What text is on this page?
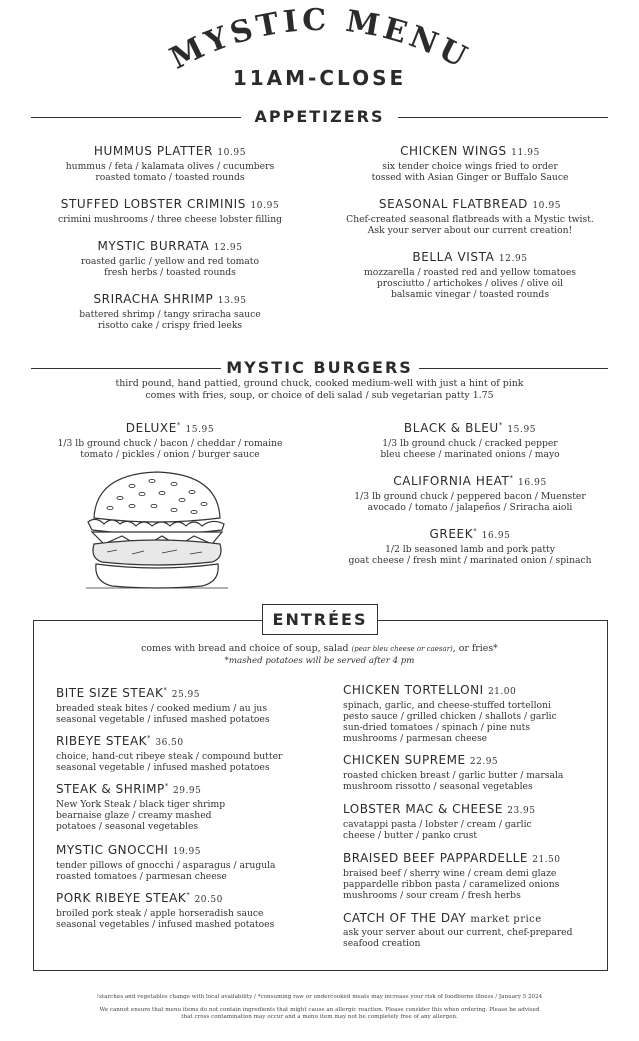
MYSTIC MENU
11AM-CLOSE
APPETIZERS
HUMMUS PLATTER 10.95
hummus / feta / kalamata olives / cucumbers
roasted tomato / toasted rounds
STUFFED LOBSTER CRIMINIS 10.95
crimini mushrooms / three cheese lobster filling
MYSTIC BURRATA 12.95
roasted garlic / yellow and red tomato
fresh herbs / toasted rounds
SRIRACHA SHRIMP 13.95
battered shrimp / tangy sriracha sauce
risotto cake / crispy fried leeks
CHICKEN WINGS 11.95
six tender choice wings fried to order
tossed with Asian Ginger or Buffalo Sauce
SEASONAL FLATBREAD 10.95
Chef-created seasonal flatbreads with a Mystic twist.
Ask your server about our current creation!
BELLA VISTA 12.95
mozzarella / roasted red and yellow tomatoes
prosciutto / artichokes / olives / olive oil
balsamic vinegar / toasted rounds
MYSTIC BURGERS
third pound, hand pattied, ground chuck, cooked medium-well with just a hint of pink
comes with fries, soup, or choice of deli salad / sub vegetarian patty 1.75
DELUXE* 15.95
1/3 lb ground chuck / bacon / cheddar / romaine
tomato / pickles / onion / burger sauce
BLACK & BLEU* 15.95
1/3 lb ground chuck / cracked pepper
bleu cheese / marinated onions / mayo
CALIFORNIA HEAT* 16.95
1/3 lb ground chuck / peppered bacon / Muenster
avocado / tomato / jalapeños / Sriracha aioli
GREEK* 16.95
1/2 lb seasoned lamb and pork patty
goat cheese / fresh mint / marinated onion / spinach
ENTRÉES
comes with bread and choice of soup, salad (pear bleu cheese or caesar), or fries*
*mashed potatoes will be served after 4 pm
BITE SIZE STEAK* 25.95
breaded steak bites / cooked medium / au jus
seasonal vegetable / infused mashed potatoes
RIBEYE STEAK* 36.50
choice, hand-cut ribeye steak / compound butter
seasonal vegetable / infused mashed potatoes
STEAK & SHRIMP* 29.95
New York Steak / black tiger shrimp
bearnaise glaze / creamy mashed
potatoes / seasonal vegetables
MYSTIC GNOCCHI 19.95
tender pillows of gnocchi / asparagus / arugula
roasted tomatoes / parmesan cheese
PORK RIBEYE STEAK* 20.50
broiled pork steak / apple horseradish sauce
seasonal vegetables / infused mashed potatoes
CHICKEN TORTELLONI 21.00
spinach, garlic, and cheese-stuffed tortelloni
pesto sauce / grilled chicken / shallots / garlic
sun-dried tomatoes / spinach / pine nuts
mushrooms / parmesan cheese
CHICKEN SUPREME 22.95
roasted chicken breast / garlic butter / marsala
mushroom rissotto / seasonal vegetables
LOBSTER MAC & CHEESE 23.95
cavatappi pasta / lobster / cream / garlic
cheese / butter / panko crust
BRAISED BEEF PAPPARDELLE 21.50
braised beef / sherry wine / cream demi glaze
pappardelle ribbon pasta / caramelized onions
mushrooms / sour cream / fresh herbs
CATCH OF THE DAY market price
ask your server about our current, chef-prepared
seafood creation
!starches and vegetables change with local availability / *consuming raw or undercooked meats may increase your risk of foodborne illness / January 5 2024
We cannot ensure that menu items do not contain ingredients that might cause an allergic reaction. Please consider this when ordering. Please be advised
that cross contamination may occur and a menu item may not be completely free of any allergen.
